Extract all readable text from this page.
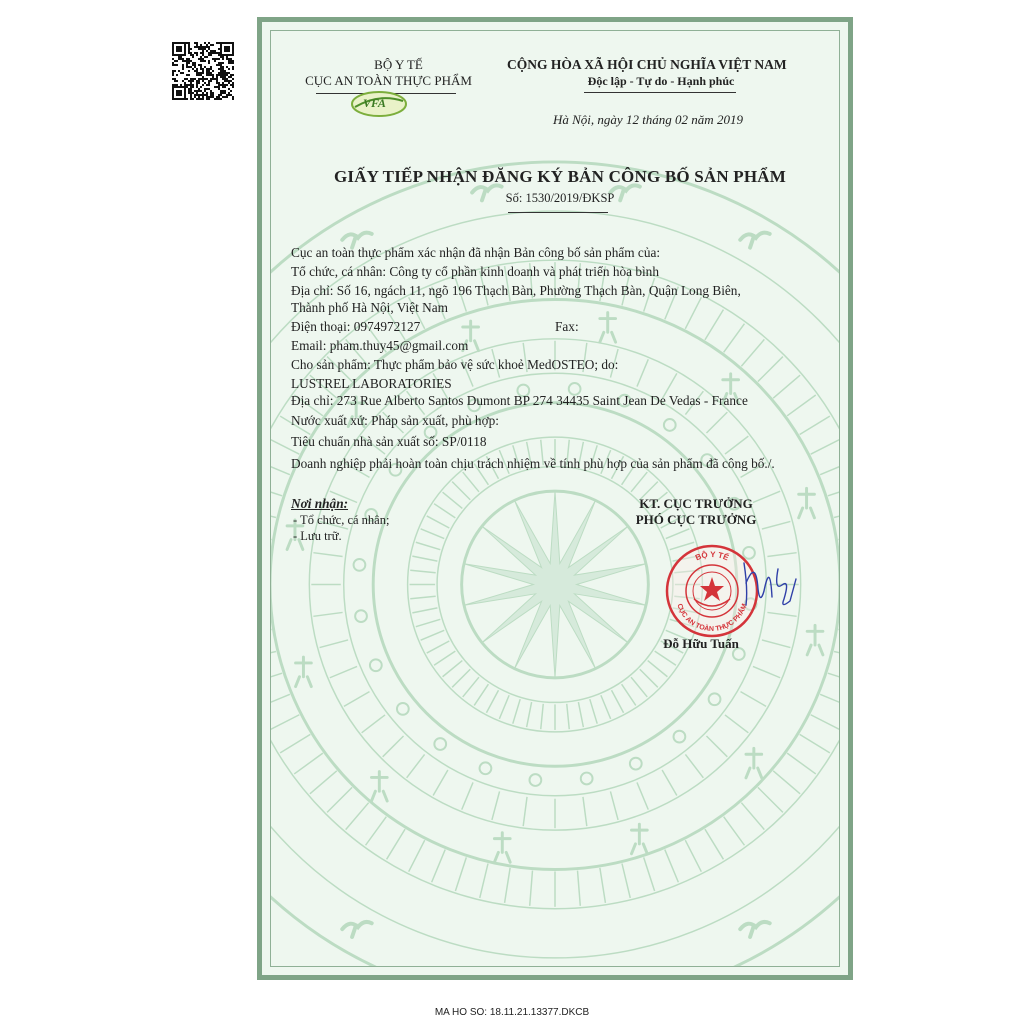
BỘ Y TẾ
CỤC AN TOÀN THỰC PHẨM
VFA
CỘNG HÒA XÃ HỘI CHỦ NGHĨA VIỆT NAM
Độc lập - Tự do - Hạnh phúc
Hà Nội, ngày 12 tháng 02 năm 2019
GIẤY TIẾP NHẬN ĐĂNG KÝ BẢN CÔNG BỐ SẢN PHẨM
Số: 1530/2019/ĐKSP
Cục an toàn thực phẩm xác nhận đã nhận Bản công bố sản phẩm của:
Tổ chức, cá nhân: Công ty cổ phần kinh doanh và phát triển hòa bình
Địa chỉ: Số 16, ngách 11, ngõ 196 Thạch Bàn, Phường Thạch Bàn, Quận Long Biên,
Thành phố Hà Nội, Việt Nam
Điện thoại: 0974972127	Fax:
Email: pham.thuy45@gmail.com
Cho sản phẩm: Thực phẩm bảo vệ sức khoẻ MedOSTEO; do:
LUSTREL LABORATORIES
Địa chỉ: 273 Rue Alberto Santos Dumont BP 274 34435 Saint Jean De Vedas - France
Nước xuất xứ: Pháp sản xuất, phù hợp:
Tiêu chuẩn nhà sản xuất số: SP/0118
Doanh nghiệp phải hoàn toàn chịu trách nhiệm về tính phù hợp của sản phẩm đã công bố./.
Nơi nhận:
- Tổ chức, cá nhân;
- Lưu trữ.
KT. CỤC TRƯỞNG
PHÓ CỤC TRƯỞNG
BỘ Y TẾ
CỤC AN TOÀN THỰC PHẨM
Đỗ Hữu Tuấn
MA HO SO: 18.11.21.13377.DKCB
